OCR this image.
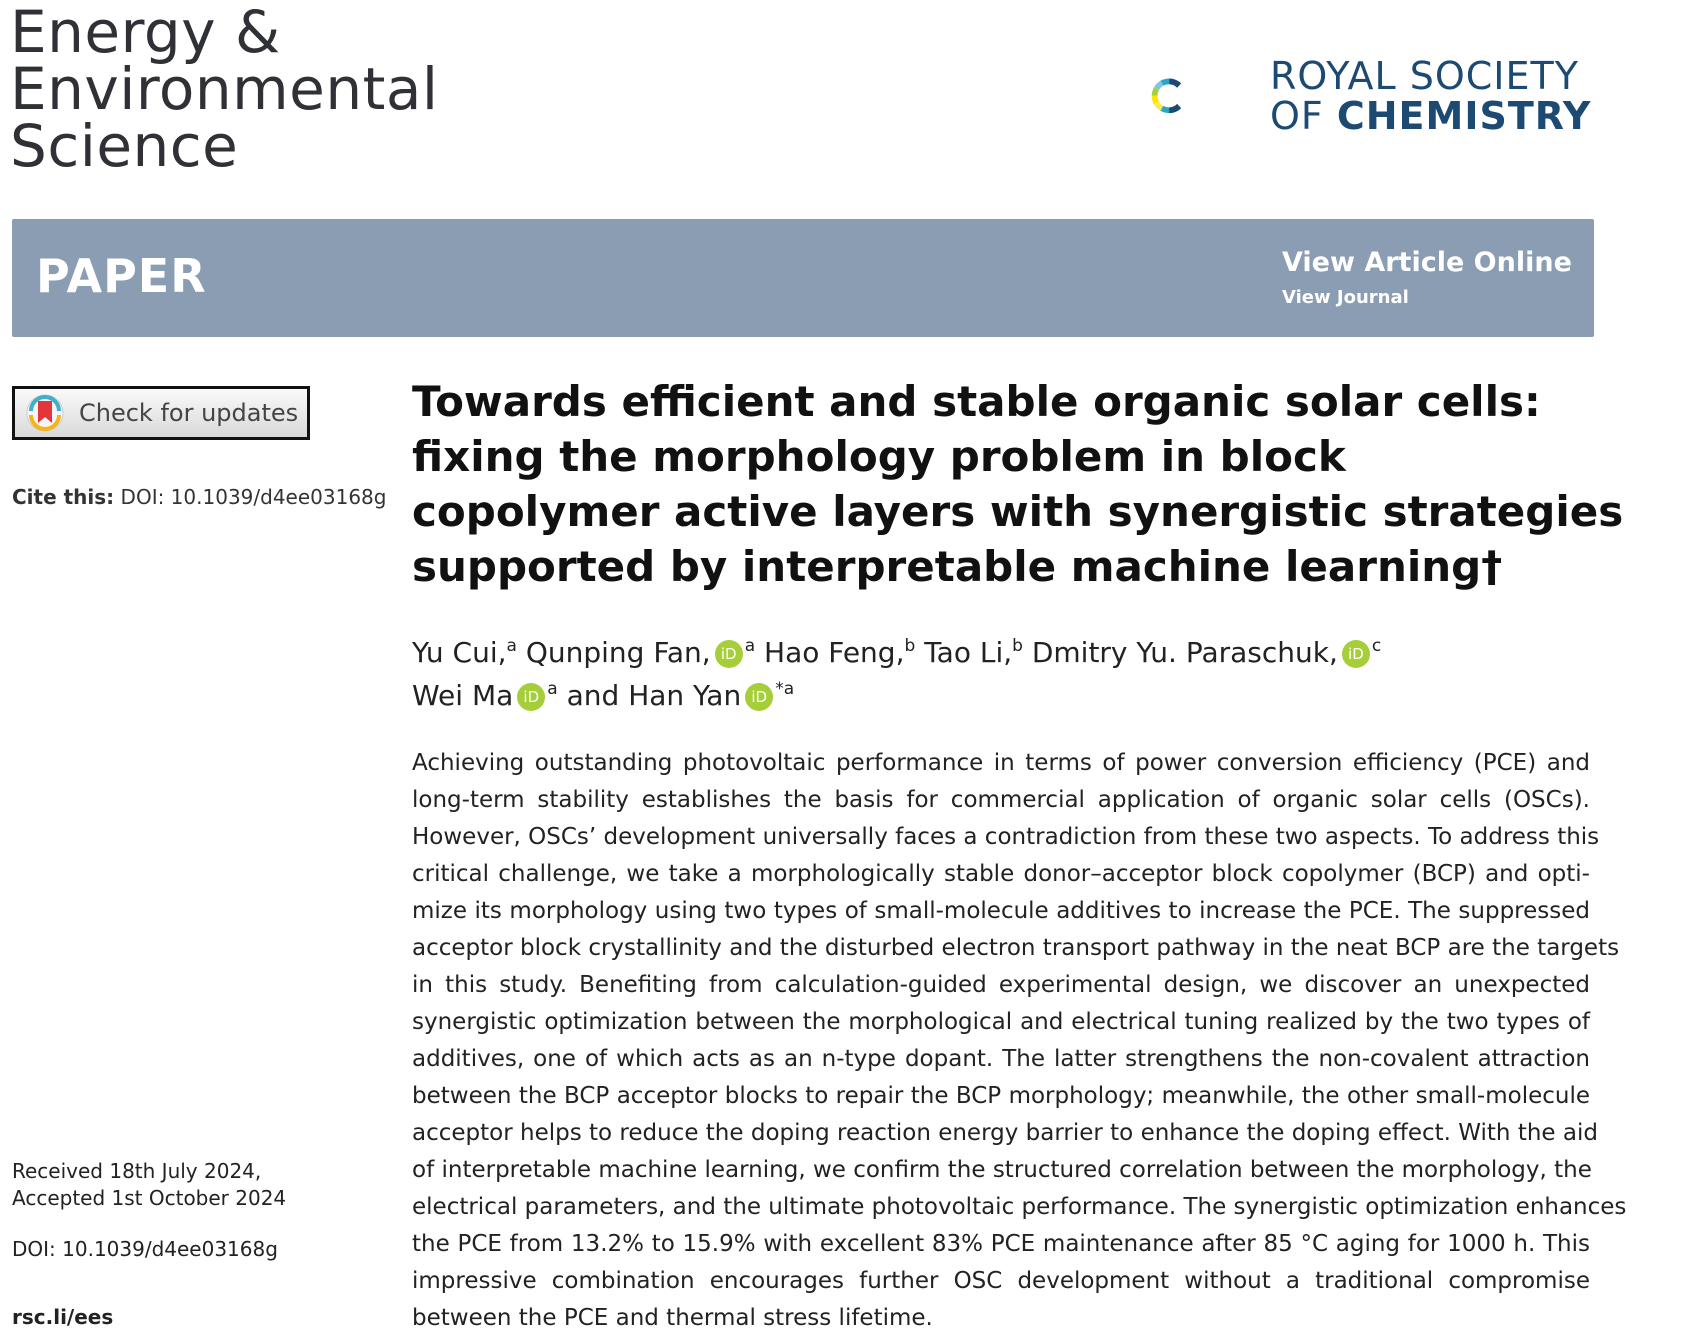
Energy &
Environmental
Science
ROYAL SOCIETY
OF CHEMISTRY
PAPER	View Article Online
View Journal
Check for updates
Cite this: DOI: 10.1039/d4ee03168g
Towards efficient and stable organic solar cells:
fixing the morphology problem in block
copolymer active layers with synergistic strategies
supported by interpretable machine learning†
Yu Cui,$^a$ Qunping Fan, iD $^a$ Hao Feng,$^b$ Tao Li,$^b$ Dmitry Yu. Paraschuk, iD $^c$
Wei Ma iD $^a$ and Han Yan iD $^{*a}$
Achieving outstanding photovoltaic performance in terms of power conversion efficiency (PCE) and
long-term stability establishes the basis for commercial application of organic solar cells (OSCs).
However, OSCs’ development universally faces a contradiction from these two aspects. To address this
critical challenge, we take a morphologically stable donor–acceptor block copolymer (BCP) and opti-
mize its morphology using two types of small-molecule additives to increase the PCE. The suppressed
acceptor block crystallinity and the disturbed electron transport pathway in the neat BCP are the targets
in this study. Benefiting from calculation-guided experimental design, we discover an unexpected
synergistic optimization between the morphological and electrical tuning realized by the two types of
additives, one of which acts as an n-type dopant. The latter strengthens the non-covalent attraction
between the BCP acceptor blocks to repair the BCP morphology; meanwhile, the other small-molecule
acceptor helps to reduce the doping reaction energy barrier to enhance the doping effect. With the aid
of interpretable machine learning, we confirm the structured correlation between the morphology, the
electrical parameters, and the ultimate photovoltaic performance. The synergistic optimization enhances
the PCE from 13.2% to 15.9% with excellent 83% PCE maintenance after 85 °C aging for 1000 h. This
impressive combination encourages further OSC development without a traditional compromise
between the PCE and thermal stress lifetime.
Received 18th July 2024,
Accepted 1st October 2024
DOI: 10.1039/d4ee03168g
rsc.li/ees
